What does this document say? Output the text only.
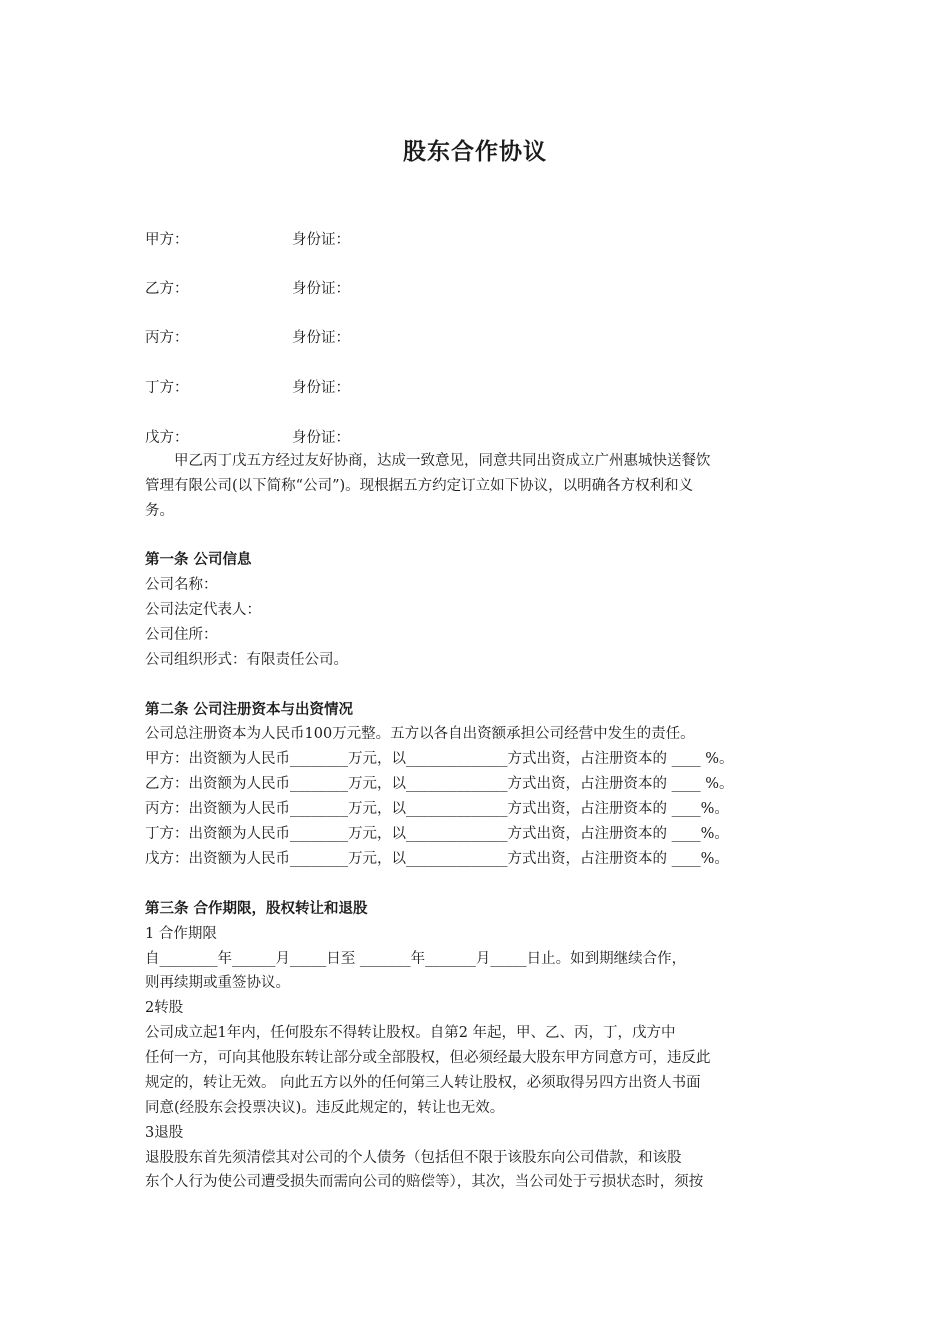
股东合作协议
甲方：	身份证：
乙方：	身份证：
丙方：	身份证：
丁方：	身份证：
戊方：	身份证：
　　甲乙丙丁戊五方经过友好协商，达成一致意见，同意共同出资成立广州惠城快送餐饮
管理有限公司(以下简称“公司”)。现根据五方约定订立如下协议，以明确各方权利和义
务。
第一条 公司信息
公司名称：
公司法定代表人：
公司住所：
公司组织形式：有限责任公司。
第二条 公司注册资本与出资情况
公司总注册资本为人民币100万元整。五方以各自出资额承担公司经营中发生的责任。
甲方：出资额为人民币________万元，以______________方式出资，占注册资本的 ____ %。
乙方：出资额为人民币________万元，以______________方式出资，占注册资本的 ____ %。
丙方：出资额为人民币________万元，以______________方式出资，占注册资本的 ____%。
丁方：出资额为人民币________万元，以______________方式出资，占注册资本的 ____%。
戊方：出资额为人民币________万元，以______________方式出资，占注册资本的 ____%。
第三条 合作期限，股权转让和退股
1 合作期限
自________年______月_____日至 _______年_______月_____日止。如到期继续合作，
则再续期或重签协议。
2转股
公司成立起1年内，任何股东不得转让股权。自第2 年起，甲、乙、丙，丁，戊方中
任何一方，可向其他股东转让部分或全部股权，但必须经最大股东甲方同意方可，违反此
规定的，转让无效。 向此五方以外的任何第三人转让股权，必须取得另四方出资人书面
同意(经股东会投票决议)。违反此规定的，转让也无效。
3退股
退股股东首先须清偿其对公司的个人债务（包括但不限于该股东向公司借款，和该股
东个人行为使公司遭受损失而需向公司的赔偿等），其次，当公司处于亏损状态时，须按
